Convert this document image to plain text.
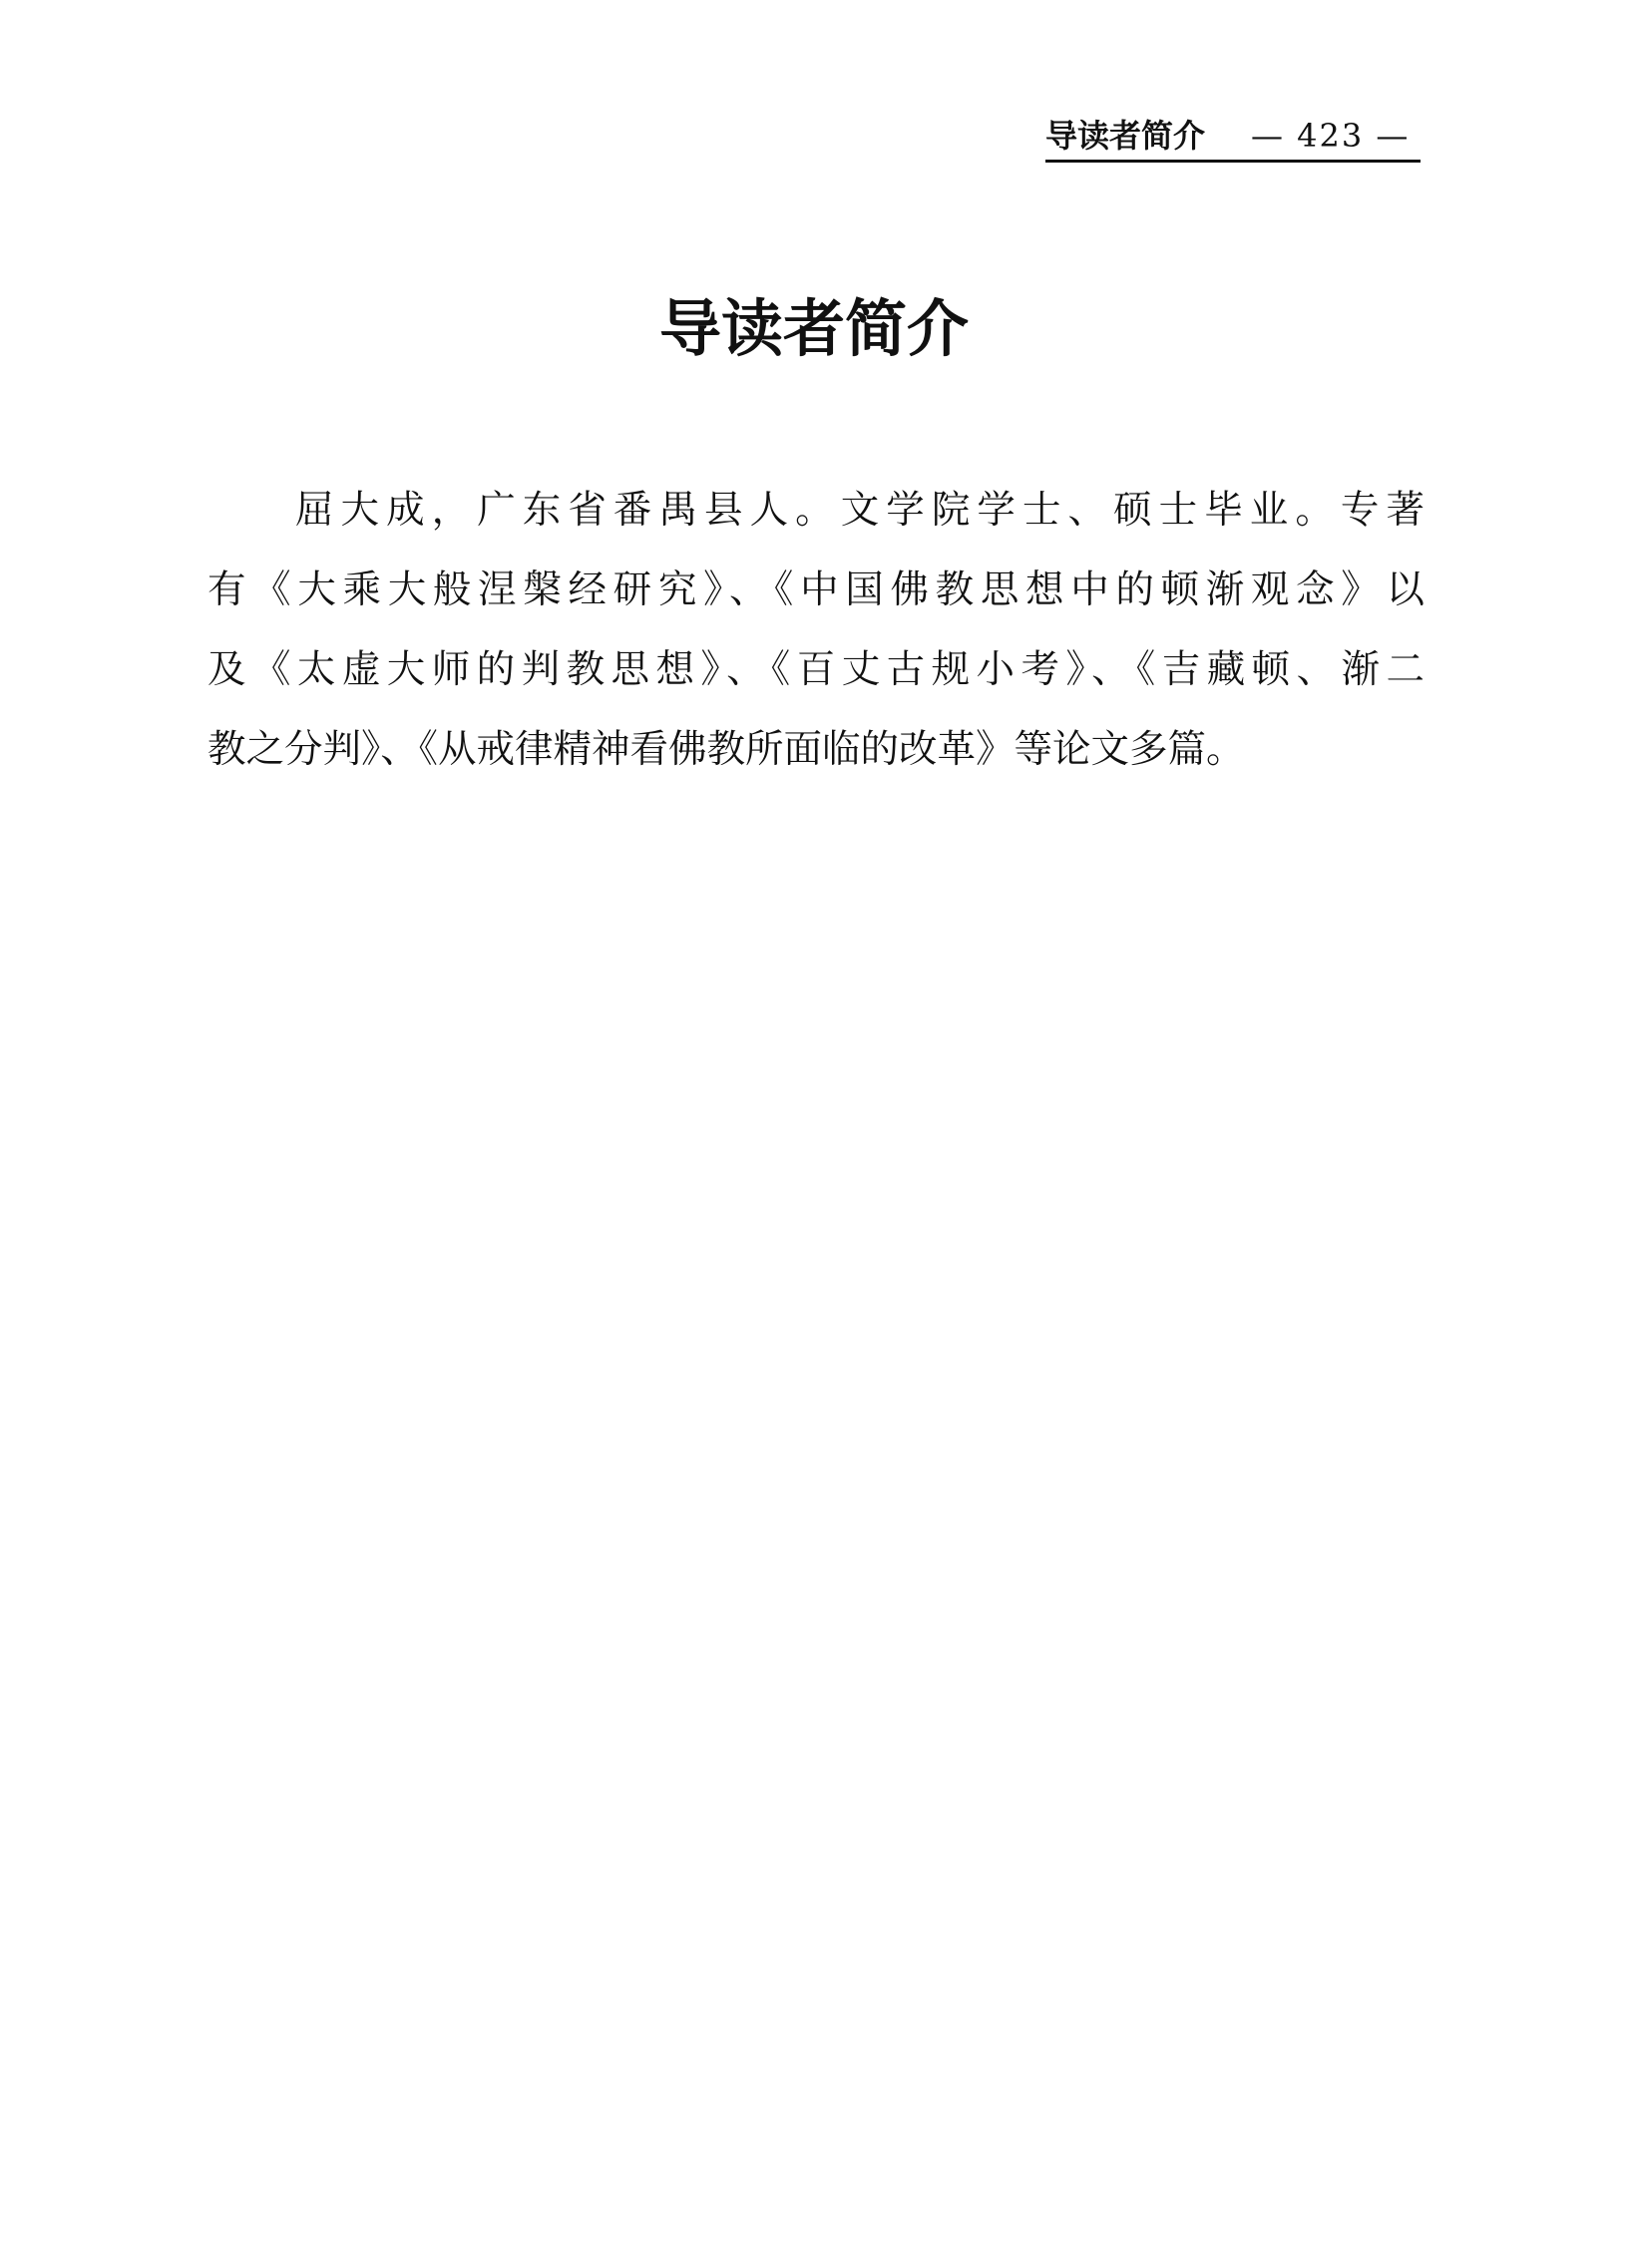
导读者简介 — 423 —
导读者简介
屈大成，广东省番禺县人。文学院学士、硕士毕业。专著
有《大乘大般涅槃经研究》、《中国佛教思想中的顿渐观念》以
及《太虚大师的判教思想》、《百丈古规小考》、《吉藏顿、渐二
教之分判》、《从戒律精神看佛教所面临的改革》等论文多篇。
